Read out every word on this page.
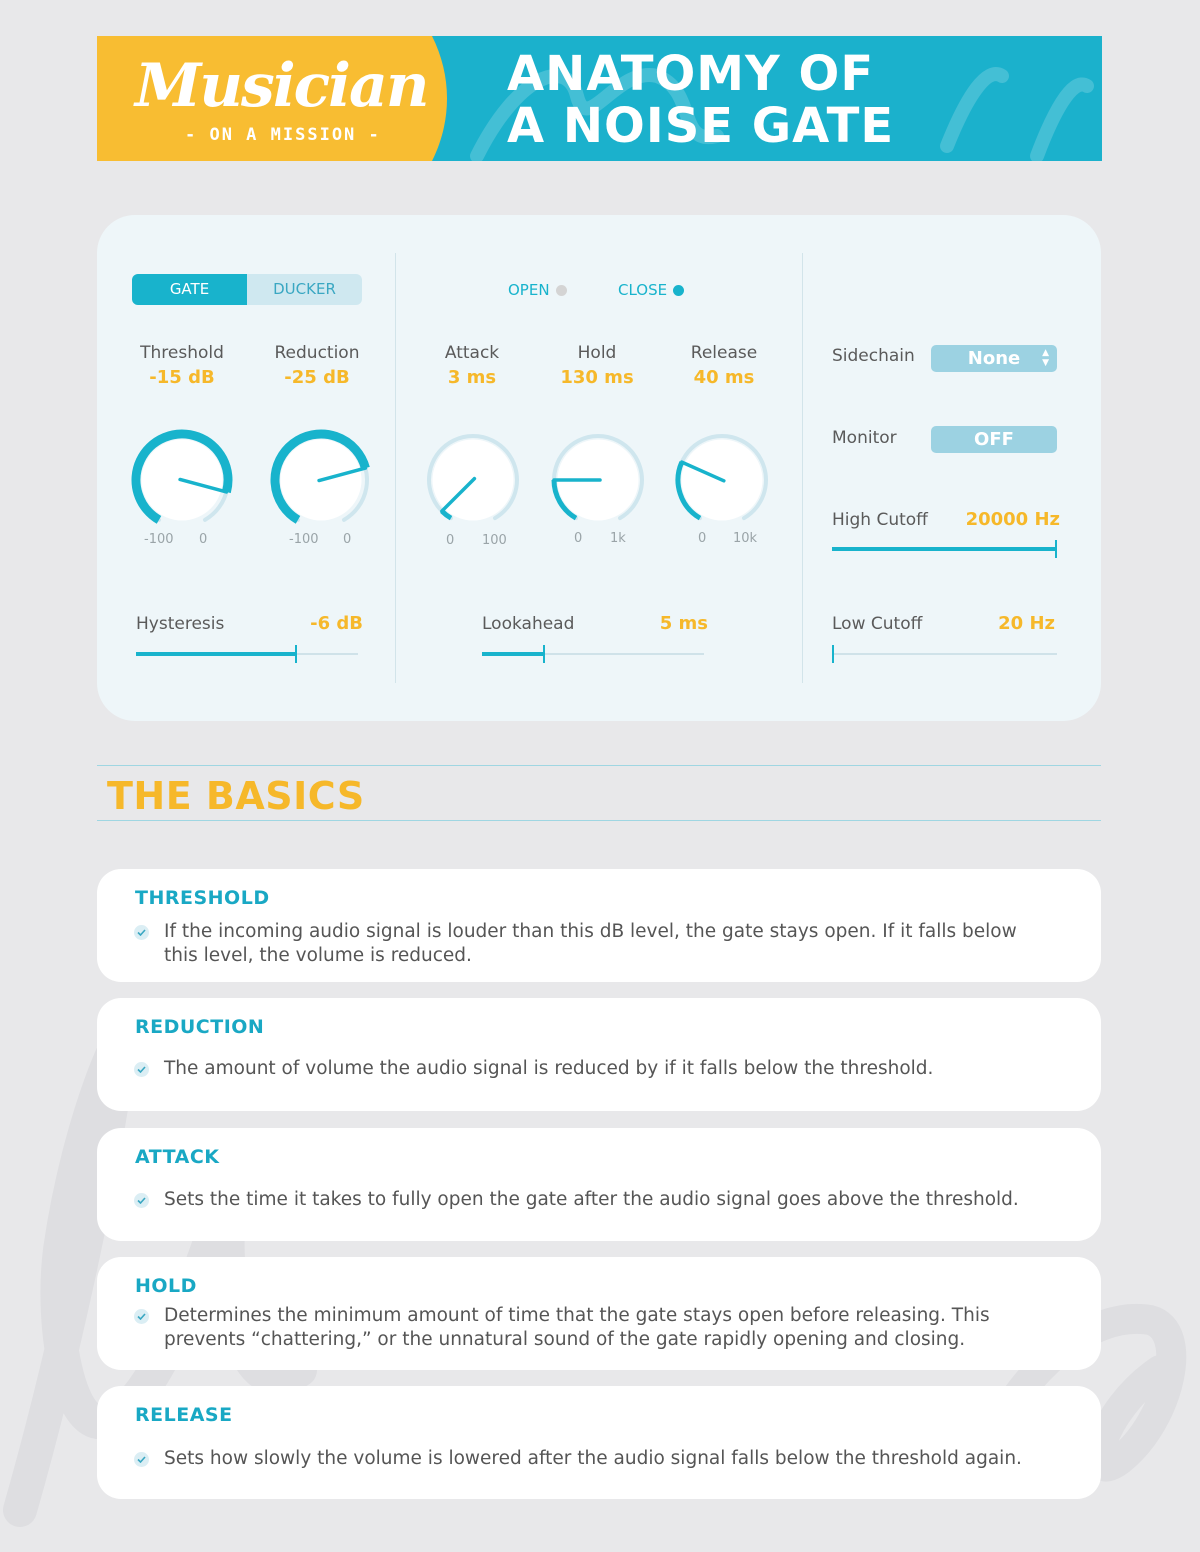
Musician
- ON A MISSION -
ANATOMY OF A NOISE GATE
GATE	DUCKER	OPEN	CLOSE
Threshold
-15 dB
Reduction
-25 dB
Attack
3 ms
Hold
130 ms
Release
40 ms
-100 0	-100 0	0 100	0 1k	0 10k
Hysteresis	-6 dB	Lookahead	5 ms
Sidechain	None ▲
▼
Monitor	OFF
High Cutoff	20000 Hz
Low Cutoff	20 Hz
THE BASICS
THRESHOLD
If the incoming audio signal is louder than this dB level, the gate stays open. If it falls below this level, the volume is reduced.
REDUCTION
The amount of volume the audio signal is reduced by if it falls below the threshold.
ATTACK
Sets the time it takes to fully open the gate after the audio signal goes above the threshold.
HOLD
Determines the minimum amount of time that the gate stays open before releasing. This prevents “chattering,” or the unnatural sound of the gate rapidly opening and closing.
RELEASE
Sets how slowly the volume is lowered after the audio signal falls below the threshold again.
